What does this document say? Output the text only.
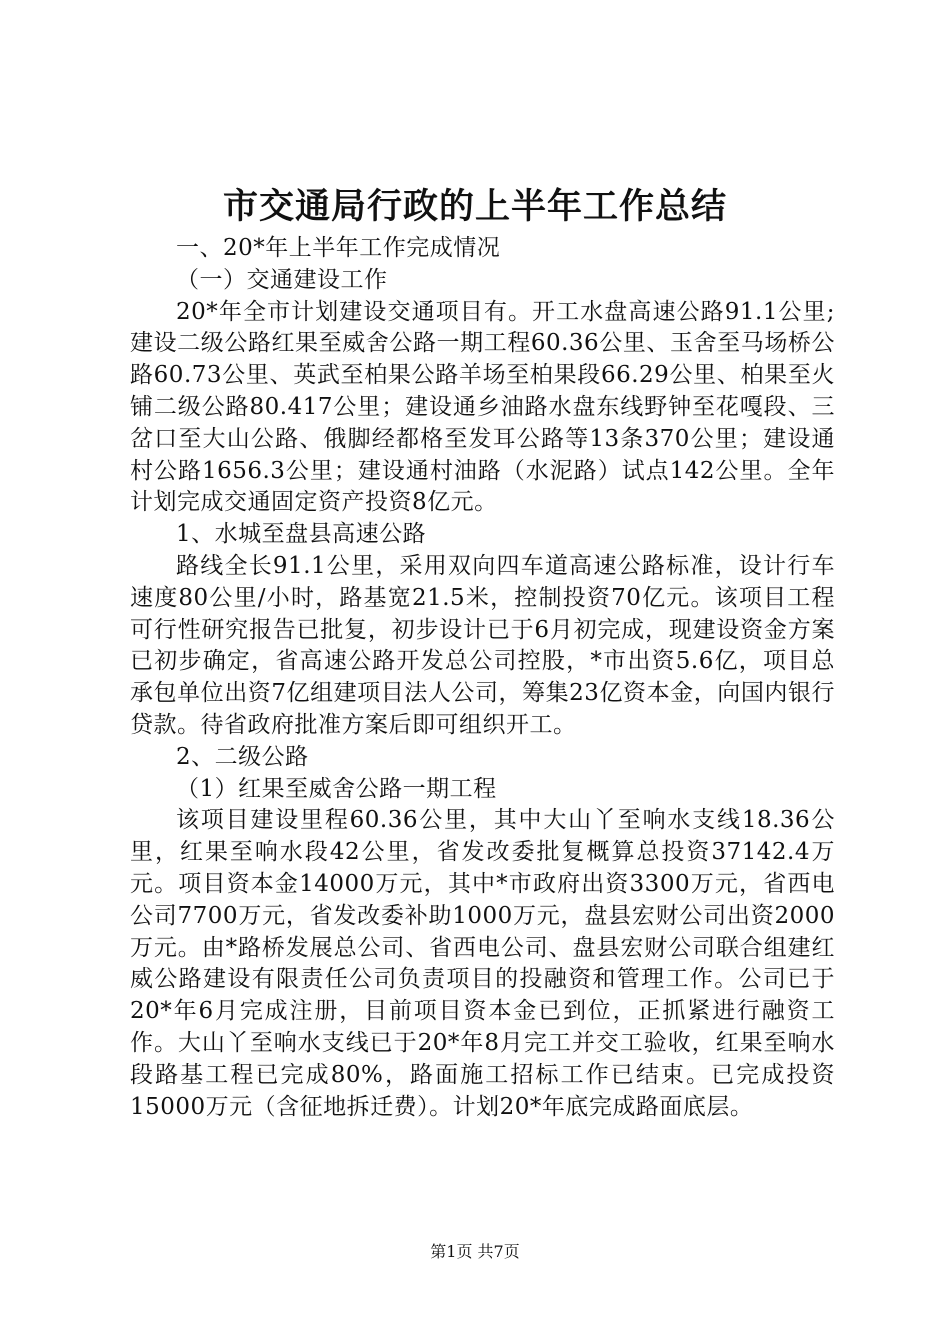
市交通局行政的上半年工作总结

一、20*年上半年工作完成情况

（一）交通建设工作

20*年全市计划建设交通项目有。开工水盘高速公路91.1公里;建设二级公路红果至威舍公路一期工程60.36公里、玉舍至马场桥公路60.73公里、英武至柏果公路羊场至柏果段66.29公里、柏果至火铺二级公路80.417公里；建设通乡油路水盘东线野钟至花嘎段、三岔口至大山公路、俄脚经都格至发耳公路等13条370公里；建设通村公路1656.3公里；建设通村油路（水泥路）试点142公里。全年计划完成交通固定资产投资8亿元。

1、水城至盘县高速公路

路线全长91.1公里，采用双向四车道高速公路标准，设计行车速度80公里/小时，路基宽21.5米，控制投资70亿元。该项目工程可行性研究报告已批复，初步设计已于6月初完成，现建设资金方案已初步确定，省高速公路开发总公司控股，*市出资5.6亿，项目总承包单位出资7亿组建项目法人公司，筹集23亿资本金，向国内银行贷款。待省政府批准方案后即可组织开工。

2、二级公路

（1）红果至威舍公路一期工程

该项目建设里程60.36公里，其中大山丫至响水支线18.36公里，红果至响水段42公里，省发改委批复概算总投资37142.4万元。项目资本金14000万元，其中*市政府出资3300万元，省西电公司7700万元，省发改委补助1000万元，盘县宏财公司出资2000万元。由*路桥发展总公司、省西电公司、盘县宏财公司联合组建红威公路建设有限责任公司负责项目的投融资和管理工作。公司已于20*年6月完成注册，目前项目资本金已到位，正抓紧进行融资工作。大山丫至响水支线已于20*年8月完工并交工验收，红果至响水段路基工程已完成80%，路面施工招标工作已结束。已完成投资15000万元（含征地拆迁费）。计划20*年底完成路面底层。

第1页 共7页
